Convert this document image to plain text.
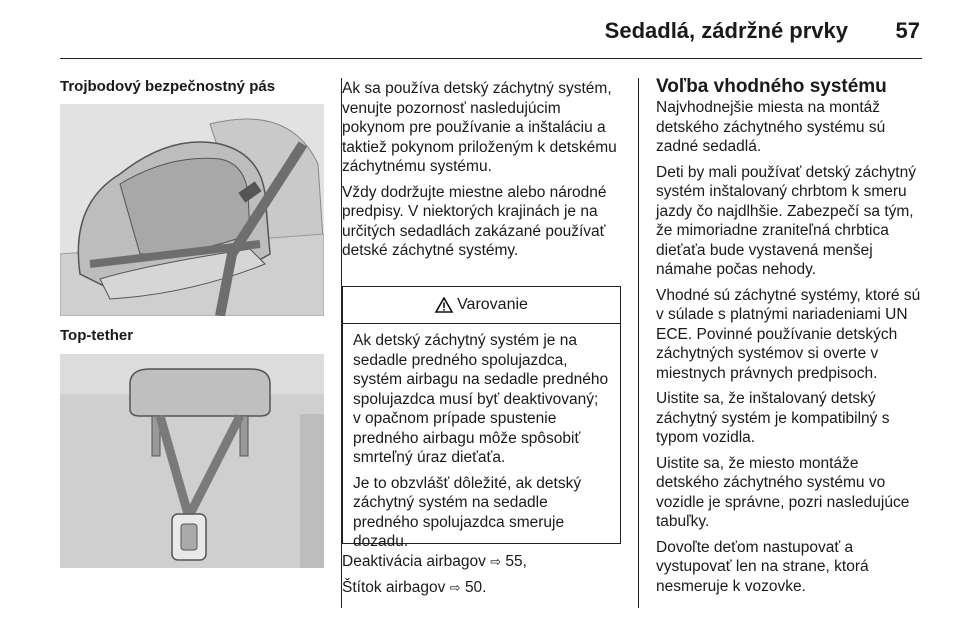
Sedadlá, zádržné prvky 57
Trojbodový bezpečnostný pás
Top-tether

Ak sa používa detský záchytný systém, venujte pozornosť nasledujúcim pokynom pre používanie a inštaláciu a taktiež pokynom priloženým k detskému záchytnému systému.

Vždy dodržujte miestne alebo národné predpisy. V niektorých krajinách je na určitých sedadlách zakázané používať detské záchytné systémy.

Varovanie

Ak detský záchytný systém je na sedadle predného spolujazdca, systém airbagu na sedadle predného spolujazdca musí byť deaktivovaný; v opačnom prípade spustenie predného airbagu môže spôsobiť smrteľný úraz dieťaťa.

Je to obzvlášť dôležité, ak detský záchytný systém na sedadle predného spolujazdca smeruje dozadu.

Deaktivácia airbagov ⇨ 55,

Štítok airbagov ⇨ 50.

Voľba vhodného systému

Najvhodnejšie miesta na montáž detského záchytného systému sú zadné sedadlá.

Deti by mali používať detský záchytný systém inštalovaný chrbtom k smeru jazdy čo najdlhšie. Zabezpečí sa tým, že mimoriadne zraniteľná chrbtica dieťaťa bude vystavená menšej námahe počas nehody.

Vhodné sú záchytné systémy, ktoré sú v súlade s platnými nariadeniami UN ECE. Povinné používanie detských záchytných systémov si overte v miestnych právnych predpisoch.

Uistite sa, že inštalovaný detský záchytný systém je kompatibilný s typom vozidla.

Uistite sa, že miesto montáže detského záchytného systému vo vozidle je správne, pozri nasledujúce tabuľky.

Dovoľte deťom nastupovať a vystupovať len na strane, ktorá nesmeruje k vozovke.
